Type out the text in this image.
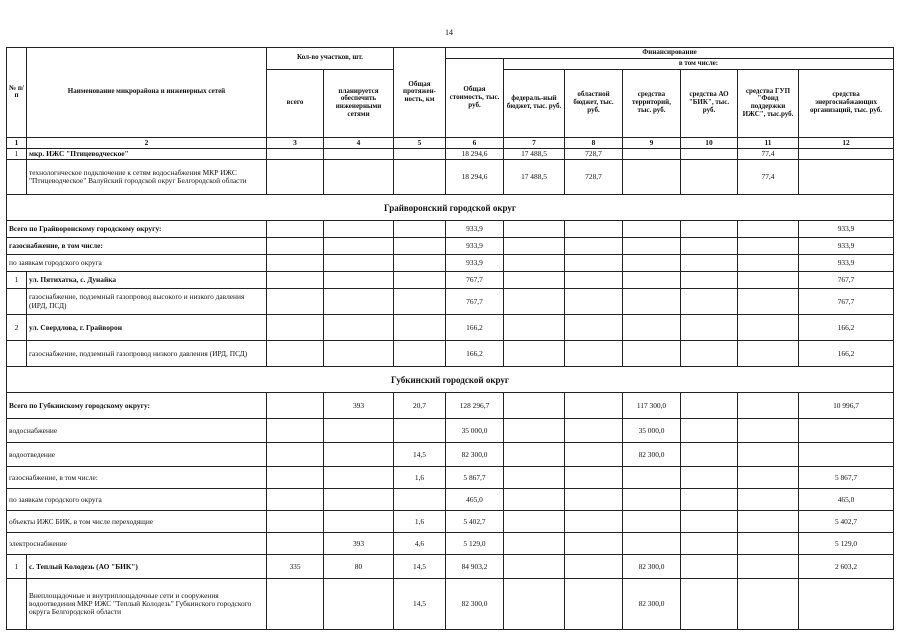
14
№ п/п	Наименование микрорайона и инженерных сетей	Кол-во участков, шт.		Общая протяжен-ность, км	Финансирование						
					Общая стоимость, тыс. руб.	в том числе:					
		всего	планируется обеспечить инженерными сетями			федераль-ный бюджет, тыс. руб.	областной бюджет, тыс. руб.	средства территорий, тыс. руб.	средства АО "БИК", тыс. руб.	средства ГУП "Фонд поддержки ИЖС", тыс.руб.	средства энергоснабжающих организаций, тыс. руб.
1	2	3	4	5	6	7	8	9	10	11	12
1	мкр. ИЖС "Птицеводческое"				18 294,6	17 488,5	728,7			77,4	
	технологическое подключение к сетям водоснабжения МКР ИЖС "Птицеводческое" Валуйский городской округ Белгородской области				18 294,6	17 488,5	728,7			77,4	
Грайворонский городской округ											
Всего по Грайворонскому городскому округу:					933,9						933,9
газоснабжение, в том числе:					933,9						933,9
по заявкам городского округа					933,9						933,9
1	ул. Пятихатка, с. Дунайка				767,7						767,7
	газоснабжение, подземный газопровод высокого и низкого давления (ИРД, ПСД)				767,7						767,7
2	ул. Свердлова, г. Грайворон				166,2						166,2
	газоснабжение, подземный газопровод низкого давления (ИРД, ПСД)				166,2						166,2
Губкинский городской округ											
Всего по Губкинскому городскому округу:			393	20,7	128 296,7			117 300,0			10 996,7
водоснабжение					35 000,0			35 000,0			
водоотведение				14,5	82 300,0			82 300,0			
газоснабжение, в том числе:				1,6	5 867,7						5 867,7
по заявкам городского округа					465,0						465,0
объекты ИЖС БИК, в том числе переходящие				1,6	5 402,7						5 402,7
электроснабжение			393	4,6	5 129,0						5 129,0
1	с. Теплый Колодезь (АО "БИК")	335	80	14,5	84 903,2			82 300,0			2 603,2
	Внеплощадочные и внутриплощадочные сети и сооружения водоотведения МКР ИЖС "Теплый Колодезь" Губкинского городского округа Белгородской области			14,5	82 300,0			82 300,0			
